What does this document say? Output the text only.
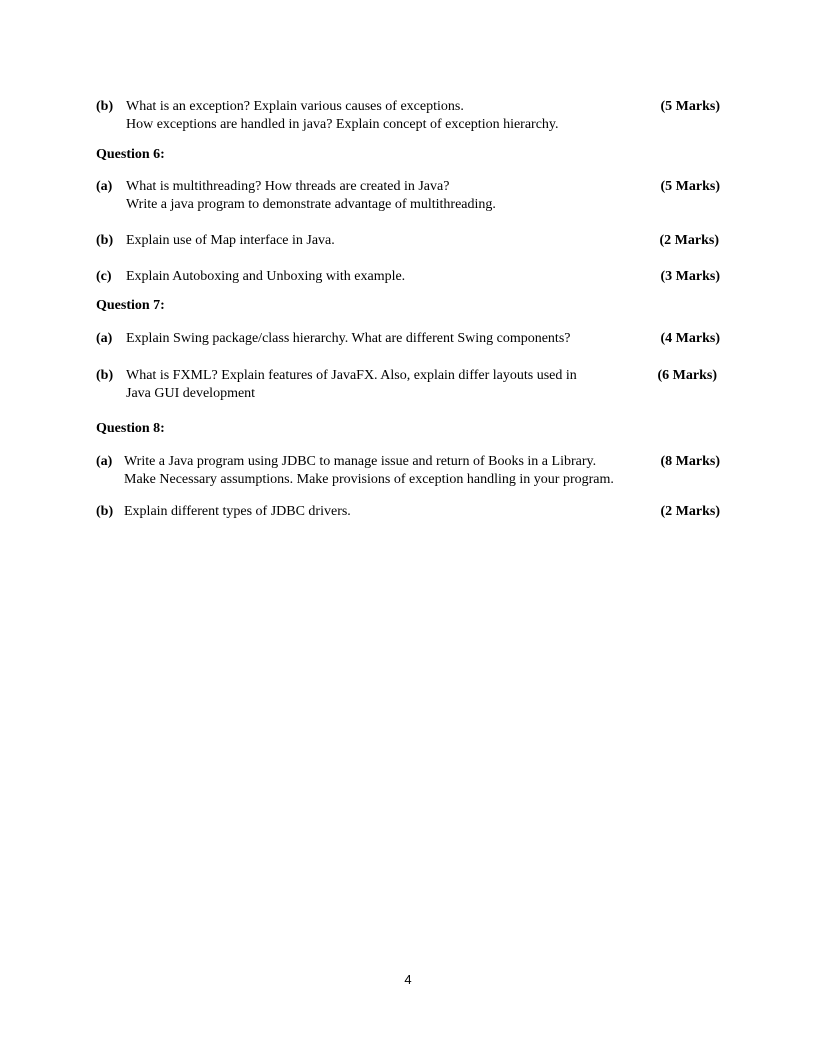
(b) What is an exception? Explain various causes of exceptions.
How exceptions are handled in java? Explain concept of exception hierarchy.
(5 Marks)
Question 6:
(a) What is multithreading? How threads are created in Java?
Write a java program to demonstrate advantage of multithreading.
(5 Marks)
(b) Explain use of Map interface in Java.	(2 Marks)
(c) Explain Autoboxing and Unboxing with example.	(3 Marks)
Question 7:
(a) Explain Swing package/class hierarchy. What are different Swing components?	(4 Marks)
(b) What is FXML? Explain features of JavaFX. Also, explain differ layouts used in
Java GUI development
(6 Marks)
Question 8:
(a) Write a Java program using JDBC to manage issue and return of Books in a Library.
Make Necessary assumptions. Make provisions of exception handling in your program.
(8 Marks)
(b) Explain different types of JDBC drivers.	(2 Marks)
4
